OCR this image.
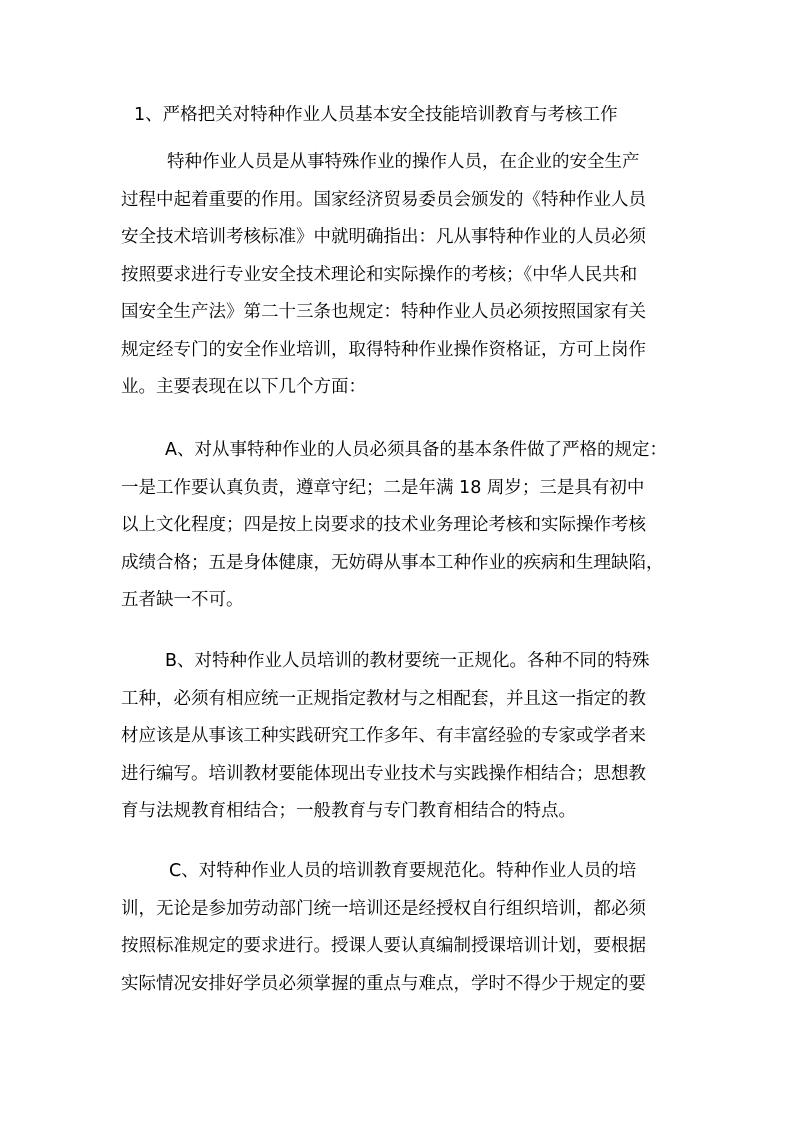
1、严格把关对特种作业人员基本安全技能培训教育与考核工作
特种作业人员是从事特殊作业的操作人员，在企业的安全生产
过程中起着重要的作用。国家经济贸易委员会颁发的《特种作业人员
安全技术培训考核标准》中就明确指出：凡从事特种作业的人员必须
按照要求进行专业安全技术理论和实际操作的考核；《中华人民共和
国安全生产法》第二十三条也规定：特种作业人员必须按照国家有关
规定经专门的安全作业培训，取得特种作业操作资格证，方可上岗作
业。主要表现在以下几个方面：
A、对从事特种作业的人员必须具备的基本条件做了严格的规定：
一是工作要认真负责，遵章守纪；二是年满 18 周岁；三是具有初中
以上文化程度；四是按上岗要求的技术业务理论考核和实际操作考核
成绩合格；五是身体健康，无妨碍从事本工种作业的疾病和生理缺陷，
五者缺一不可。
B、对特种作业人员培训的教材要统一正规化。各种不同的特殊
工种，必须有相应统一正规指定教材与之相配套，并且这一指定的教
材应该是从事该工种实践研究工作多年、有丰富经验的专家或学者来
进行编写。培训教材要能体现出专业技术与实践操作相结合；思想教
育与法规教育相结合；一般教育与专门教育相结合的特点。
C、对特种作业人员的培训教育要规范化。特种作业人员的培
训，无论是参加劳动部门统一培训还是经授权自行组织培训，都必须
按照标准规定的要求进行。授课人要认真编制授课培训计划，要根据
实际情况安排好学员必须掌握的重点与难点，学时不得少于规定的要
